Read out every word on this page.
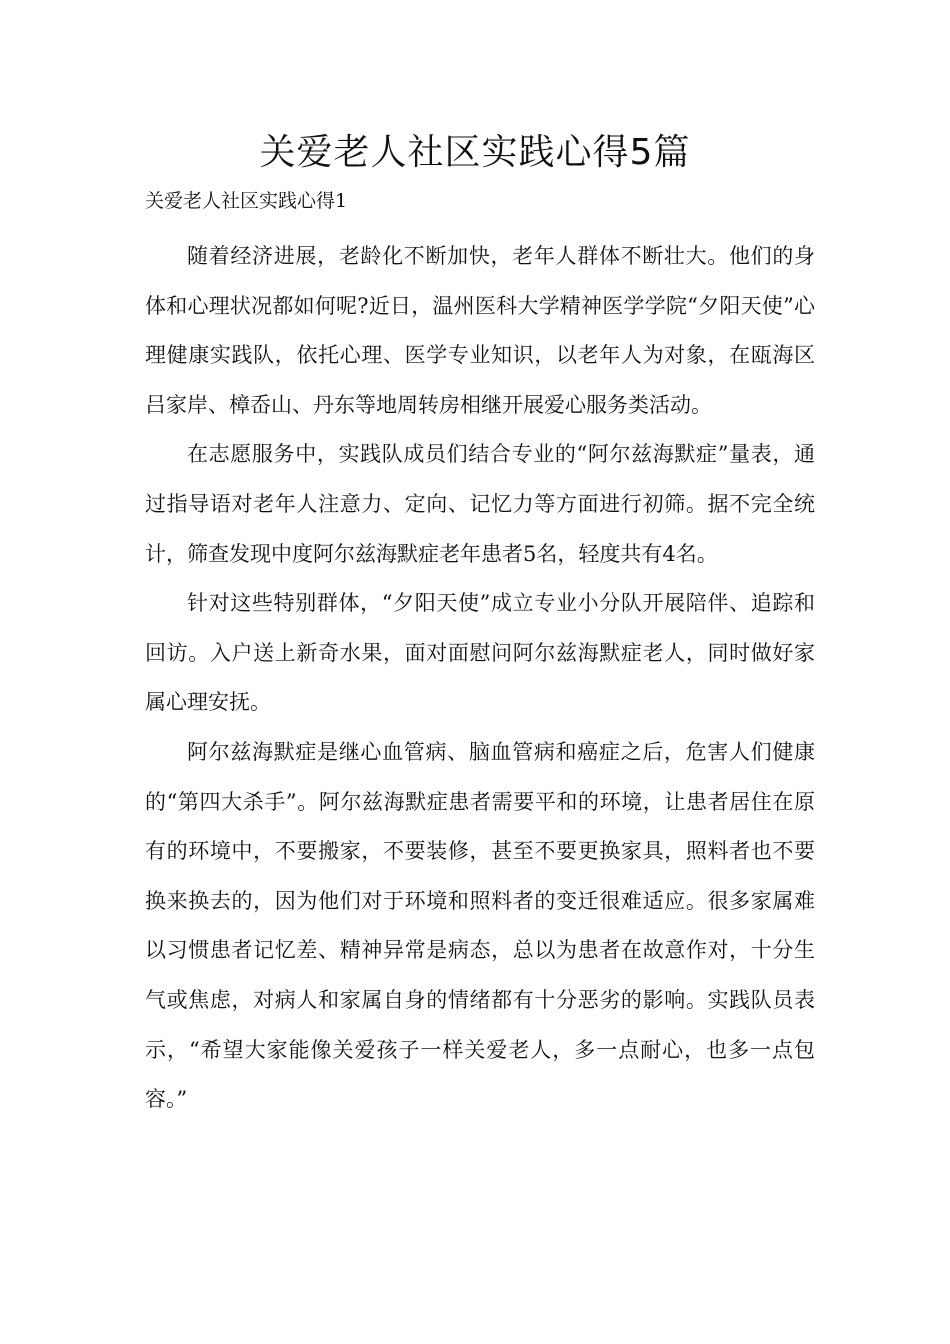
关爱老人社区实践心得5篇
关爱老人社区实践心得1

随着经济进展，老龄化不断加快，老年人群体不断壮大。他们的身体和心理状况都如何呢?近日，温州医科大学精神医学学院“夕阳天使”心理健康实践队，依托心理、医学专业知识，以老年人为对象，在瓯海区吕家岸、樟岙山、丹东等地周转房相继开展爱心服务类活动。

在志愿服务中，实践队成员们结合专业的“阿尔兹海默症”量表，通过指导语对老年人注意力、定向、记忆力等方面进行初筛。据不完全统计，筛查发现中度阿尔兹海默症老年患者5名，轻度共有4名。

针对这些特别群体，“夕阳天使”成立专业小分队开展陪伴、追踪和回访。入户送上新奇水果，面对面慰问阿尔兹海默症老人，同时做好家属心理安抚。

阿尔兹海默症是继心血管病、脑血管病和癌症之后，危害人们健康的“第四大杀手”。阿尔兹海默症患者需要平和的环境，让患者居住在原有的环境中，不要搬家，不要装修，甚至不要更换家具，照料者也不要换来换去的，因为他们对于环境和照料者的变迁很难适应。很多家属难以习惯患者记忆差、精神异常是病态，总以为患者在故意作对，十分生气或焦虑，对病人和家属自身的情绪都有十分恶劣的影响。实践队员表示，“希望大家能像关爱孩子一样关爱老人，多一点耐心，也多一点包容。”
